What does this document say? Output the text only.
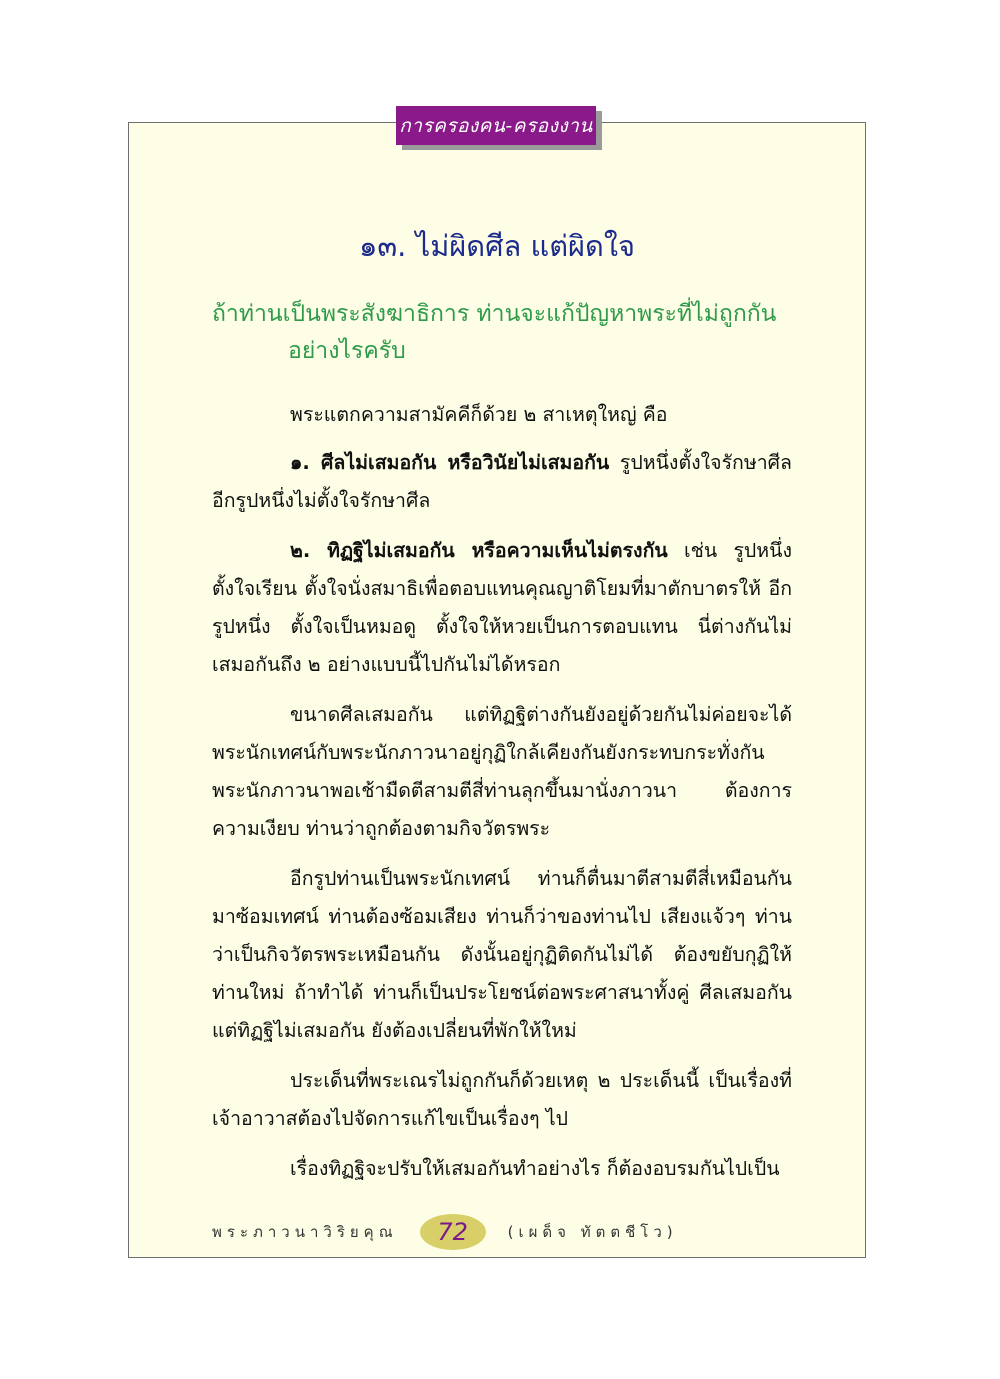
การครองคน-ครองงาน
๑๓. ไม่ผิดศีล แต่ผิดใจ
ถ้าท่านเป็นพระสังฆาธิการ ท่านจะแก้ปัญหาพระที่ไม่ถูกกัน
อย่างไรครับ

พระแตกความสามัคคีก็ด้วย ๒ สาเหตุใหญ่ คือ

๑. ศีลไม่เสมอกัน หรือวินัยไม่เสมอกัน รูปหนึ่งตั้งใจรักษาศีล อีกรูปหนึ่งไม่ตั้งใจรักษาศีล

๒. ทิฏฐิไม่เสมอกัน หรือความเห็นไม่ตรงกัน เช่น รูปหนึ่งตั้งใจเรียน ตั้งใจนั่งสมาธิเพื่อตอบแทนคุณญาติโยมที่มาตักบาตรให้ อีกรูปหนึ่ง ตั้งใจเป็นหมอดู ตั้งใจให้หวยเป็นการตอบแทน นี่ต่างกันไม่เสมอกันถึง ๒ อย่างแบบนี้ไปกันไม่ได้หรอก

ขนาดศีลเสมอกัน แต่ทิฏฐิต่างกันยังอยู่ด้วยกันไม่ค่อยจะได้ พระนักเทศน์กับพระนักภาวนาอยู่กุฏิใกล้เคียงกันยังกระทบกระทั่งกัน พระนักภาวนาพอเช้ามืดตีสามตีสี่ท่านลุกขึ้นมานั่งภาวนา ต้องการความเงียบ ท่านว่าถูกต้องตามกิจวัตรพระ

อีกรูปท่านเป็นพระนักเทศน์ ท่านก็ตื่นมาตีสามตีสี่เหมือนกัน มาซ้อมเทศน์ ท่านต้องซ้อมเสียง ท่านก็ว่าของท่านไป เสียงแจ้วๆ ท่านว่าเป็นกิจวัตรพระเหมือนกัน ดังนั้นอยู่กุฏิติดกันไม่ได้ ต้องขยับกุฏิให้ท่านใหม่ ถ้าทำได้ ท่านก็เป็นประโยชน์ต่อพระศาสนาทั้งคู่ ศีลเสมอกัน แต่ทิฏฐิไม่เสมอกัน ยังต้องเปลี่ยนที่พักให้ใหม่

ประเด็นที่พระเณรไม่ถูกกันก็ด้วยเหตุ ๒ ประเด็นนี้ เป็นเรื่องที่เจ้าอาวาสต้องไปจัดการแก้ไขเป็นเรื่องๆ ไป

เรื่องทิฏฐิจะปรับให้เสมอกันทำอย่างไร ก็ต้องอบรมกันไปเป็น

พระภาวนาวิริยคุณ 72	(เผด็จ ทัตตชีโว)
